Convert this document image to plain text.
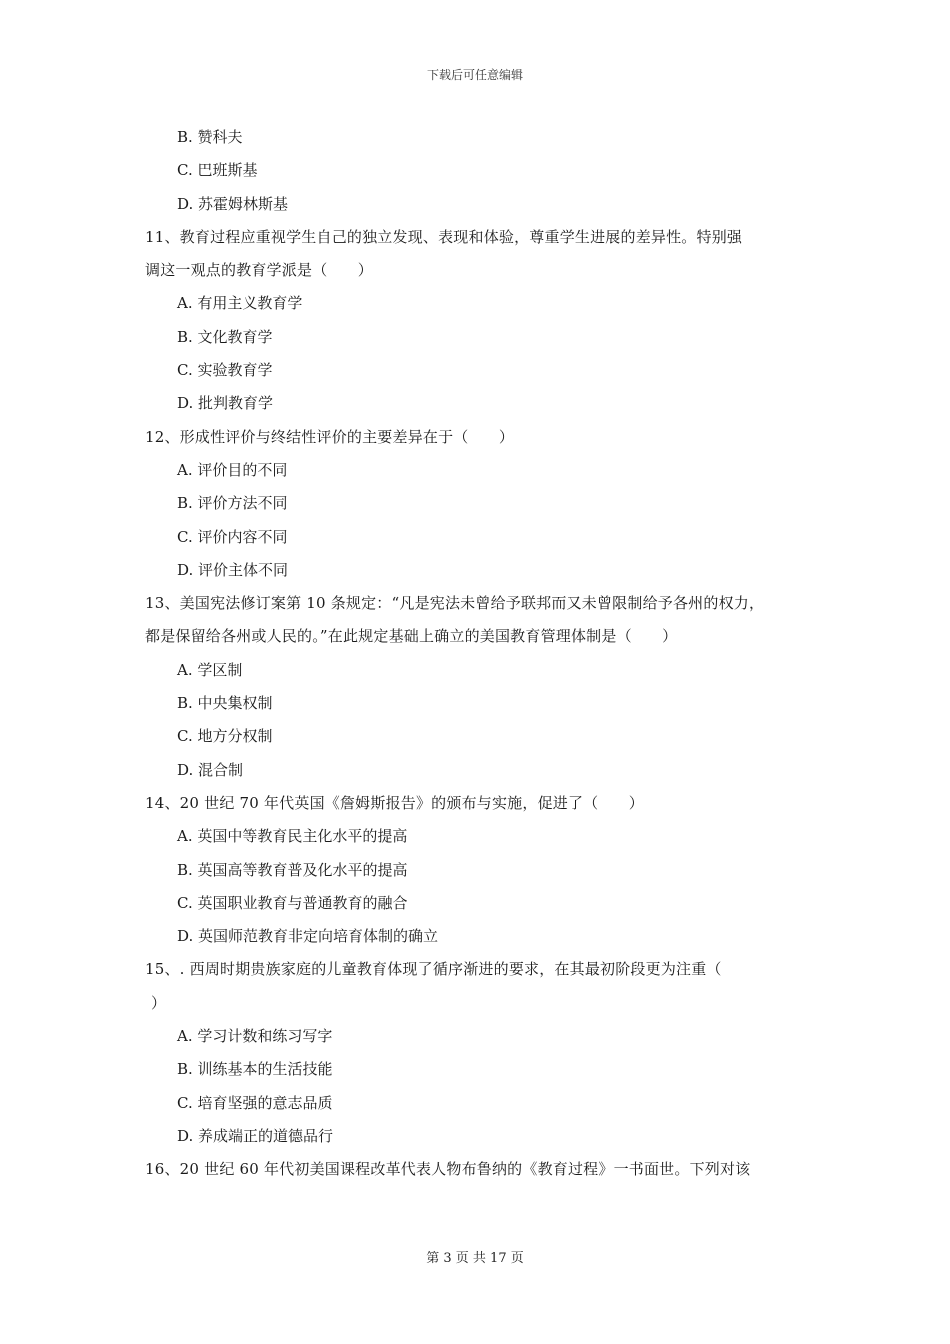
下载后可任意编辑
B. 赞科夫
C. 巴班斯基
D. 苏霍姆林斯基
11、教育过程应重视学生自己的独立发现、表现和体验，尊重学生进展的差异性。特别强
调这一观点的教育学派是（　　）
A. 有用主义教育学
B. 文化教育学
C. 实验教育学
D. 批判教育学
12、形成性评价与终结性评价的主要差异在于（　　）
A. 评价目的不同
B. 评价方法不同
C. 评价内容不同
D. 评价主体不同
13、美国宪法修订案第 10 条规定：“凡是宪法未曾给予联邦而又未曾限制给予各州的权力，
都是保留给各州或人民的。”在此规定基础上确立的美国教育管理体制是（　　）
A. 学区制
B. 中央集权制
C. 地方分权制
D. 混合制
14、20 世纪 70 年代英国《詹姆斯报告》的颁布与实施，促进了（　　）
A. 英国中等教育民主化水平的提高
B. 英国高等教育普及化水平的提高
C. 英国职业教育与普通教育的融合
D. 英国师范教育非定向培育体制的确立
15、. 西周时期贵族家庭的儿童教育体现了循序渐进的要求，在其最初阶段更为注重（
）
A. 学习计数和练习写字
B. 训练基本的生活技能
C. 培育坚强的意志品质
D. 养成端正的道德品行
16、20 世纪 60 年代初美国课程改革代表人物布鲁纳的《教育过程》一书面世。下列对该
第 3 页 共 17 页
